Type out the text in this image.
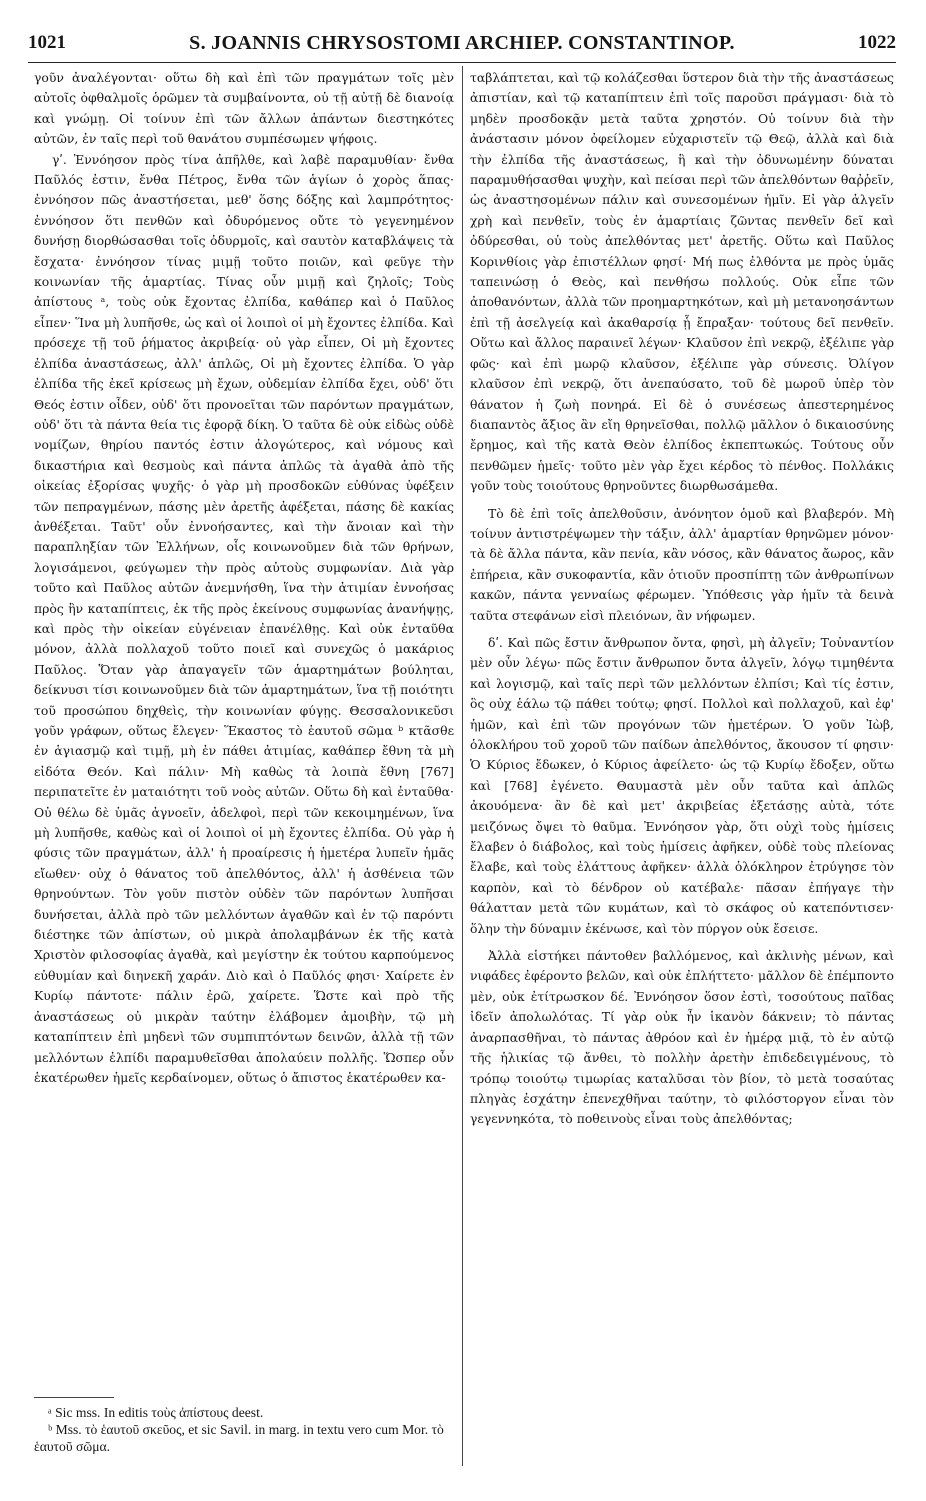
1021	S. JOANNIS CHRYSOSTOMI ARCHIEP. CONSTANTINOP.	1022

γοῦν ἀναλέγονται· οὕτω δὴ καὶ ἐπὶ τῶν πραγμάτων τοῖς μὲν αὐτοῖς ὀφθαλμοῖς ὁρῶμεν τὰ συμβαίνοντα, οὐ τῇ αὐτῇ δὲ διανοίᾳ καὶ γνώμῃ. Οἱ τοίνυν ἐπὶ τῶν ἄλλων ἁπάντων διεστηκότες αὐτῶν, ἐν ταῖς περὶ τοῦ θανάτου συμπέσωμεν ψήφοις.

γʹ. Ἐννόησον πρὸς τίνα ἀπῆλθε, καὶ λαβὲ παραμυθίαν· ἔνθα Παῦλός ἐστιν, ἔνθα Πέτρος, ἔνθα τῶν ἁγίων ὁ χορὸς ἅπας· ἐννόησον πῶς ἀναστήσεται, μεθ' ὅσης δόξης καὶ λαμπρότητος· ἐννόησον ὅτι πενθῶν καὶ ὀδυρόμενος οὔτε τὸ γεγενημένον δυνήσῃ διορθώσασθαι τοῖς ὀδυρμοῖς, καὶ σαυτὸν καταβλάψεις τὰ ἔσχατα· ἐννόησον τίνας μιμῇ τοῦτο ποιῶν, καὶ φεῦγε τὴν κοινωνίαν τῆς ἁμαρτίας. Τίνας οὖν μιμῇ καὶ ζηλοῖς; Τοὺς ἀπίστους ᵃ, τοὺς οὐκ ἔχοντας ἐλπίδα, καθάπερ καὶ ὁ Παῦλος εἶπεν· Ἵνα μὴ λυπῆσθε, ὡς καὶ οἱ λοιποὶ οἱ μὴ ἔχοντες ἐλπίδα. Καὶ πρόσεχε τῇ τοῦ ῥήματος ἀκριβείᾳ· οὐ γὰρ εἶπεν, Οἱ μὴ ἔχοντες ἐλπίδα ἀναστάσεως, ἀλλ' ἁπλῶς, Οἱ μὴ ἔχοντες ἐλπίδα. Ὁ γὰρ ἐλπίδα τῆς ἐκεῖ κρίσεως μὴ ἔχων, οὐδεμίαν ἐλπίδα ἔχει, οὐδ' ὅτι Θεός ἐστιν οἶδεν, οὐδ' ὅτι προνοεῖται τῶν παρόντων πραγμάτων, οὐδ' ὅτι τὰ πάντα θεία τις ἐφορᾷ δίκη. Ὁ ταῦτα δὲ οὐκ εἰδὼς οὐδὲ νομίζων, θηρίου παντός ἐστιν ἀλογώτερος, καὶ νόμους καὶ δικαστήρια καὶ θεσμοὺς καὶ πάντα ἁπλῶς τὰ ἀγαθὰ ἀπὸ τῆς οἰκείας ἐξορίσας ψυχῆς· ὁ γὰρ μὴ προσδοκῶν εὐθύνας ὑφέξειν τῶν πεπραγμένων, πάσης μὲν ἀρετῆς ἀφέξεται, πάσης δὲ κακίας ἀνθέξεται. Ταῦτ' οὖν ἐννοήσαντες, καὶ τὴν ἄνοιαν καὶ τὴν παραπληξίαν τῶν Ἑλλήνων, οἷς κοινωνοῦμεν διὰ τῶν θρήνων, λογισάμενοι, φεύγωμεν τὴν πρὸς αὐτοὺς συμφωνίαν. Διὰ γὰρ τοῦτο καὶ Παῦλος αὐτῶν ἀνεμνήσθη, ἵνα τὴν ἀτιμίαν ἐννοήσας πρὸς ἣν καταπίπτεις, ἐκ τῆς πρὸς ἐκείνους συμφωνίας ἀνανήψῃς, καὶ πρὸς τὴν οἰκείαν εὐγένειαν ἐπανέλθῃς. Καὶ οὐκ ἐνταῦθα μόνον, ἀλλὰ πολλαχοῦ τοῦτο ποιεῖ καὶ συνεχῶς ὁ μακάριος Παῦλος. Ὅταν γὰρ ἀπαγαγεῖν τῶν ἁμαρτημάτων βούληται, δείκνυσι τίσι κοινωνοῦμεν διὰ τῶν ἁμαρτημάτων, ἵνα τῇ ποιότητι τοῦ προσώπου δηχθεὶς, τὴν κοινωνίαν φύγῃς. Θεσσαλονικεῦσι γοῦν γράφων, οὕτως ἔλεγεν· Ἕκαστος τὸ ἑαυτοῦ σῶμα ᵇ κτᾶσθε ἐν ἁγιασμῷ καὶ τιμῇ, μὴ ἐν πάθει ἀτιμίας, καθάπερ ἔθνη τὰ μὴ εἰδότα Θεόν. Καὶ πάλιν· Μὴ καθὼς τὰ λοιπὰ ἔθνη [767] περιπατεῖτε ἐν ματαιότητι τοῦ νοὸς αὐτῶν. Οὕτω δὴ καὶ ἐνταῦθα· Οὐ θέλω δὲ ὑμᾶς ἀγνοεῖν, ἀδελφοὶ, περὶ τῶν κεκοιμημένων, ἵνα μὴ λυπῆσθε, καθὼς καὶ οἱ λοιποὶ οἱ μὴ ἔχοντες ἐλπίδα. Οὐ γὰρ ἡ φύσις τῶν πραγμάτων, ἀλλ' ἡ προαίρεσις ἡ ἡμετέρα λυπεῖν ἡμᾶς εἴωθεν· οὐχ ὁ θάνατος τοῦ ἀπελθόντος, ἀλλ' ἡ ἀσθένεια τῶν θρηνούντων. Τὸν γοῦν πιστὸν οὐδὲν τῶν παρόντων λυπῆσαι δυνήσεται, ἀλλὰ πρὸ τῶν μελλόντων ἀγαθῶν καὶ ἐν τῷ παρόντι διέστηκε τῶν ἀπίστων, οὐ μικρὰ ἀπολαμβάνων ἐκ τῆς κατὰ Χριστὸν φιλοσοφίας ἀγαθὰ, καὶ μεγίστην ἐκ τούτου καρπούμενος εὐθυμίαν καὶ διηνεκῆ χαράν. Διὸ καὶ ὁ Παῦλός φησι· Χαίρετε ἐν Κυρίῳ πάντοτε· πάλιν ἐρῶ, χαίρετε. Ὥστε καὶ πρὸ τῆς ἀναστάσεως οὐ μικρὰν ταύτην ἐλάβομεν ἀμοιβὴν, τῷ μὴ καταπίπτειν ἐπὶ μηδενὶ τῶν συμπιπτόντων δεινῶν, ἀλλὰ τῇ τῶν μελλόντων ἐλπίδι παραμυθεῖσθαι ἀπολαύειν πολλῆς. Ὥσπερ οὖν ἑκατέρωθεν ἡμεῖς κερδαίνομεν, οὕτως ὁ ἄπιστος ἑκατέρωθεν κα-

ταβλάπτεται, καὶ τῷ κολάζεσθαι ὕστερον διὰ τὴν τῆς ἀναστάσεως ἀπιστίαν, καὶ τῷ καταπίπτειν ἐπὶ τοῖς παροῦσι πράγμασι· διὰ τὸ μηδὲν προσδοκᾷν μετὰ ταῦτα χρηστόν. Οὐ τοίνυν διὰ τὴν ἀνάστασιν μόνον ὀφείλομεν εὐχαριστεῖν τῷ Θεῷ, ἀλλὰ καὶ διὰ τὴν ἐλπίδα τῆς ἀναστάσεως, ἣ καὶ τὴν ὀδυνωμένην δύναται παραμυθήσασθαι ψυχὴν, καὶ πείσαι περὶ τῶν ἀπελθόντων θαῤῥεῖν, ὡς ἀναστησομένων πάλιν καὶ συνεσομένων ἡμῖν. Εἰ γὰρ ἀλγεῖν χρὴ καὶ πενθεῖν, τοὺς ἐν ἁμαρτίαις ζῶντας πενθεῖν δεῖ καὶ ὀδύρεσθαι, οὐ τοὺς ἀπελθόντας μετ' ἀρετῆς. Οὕτω καὶ Παῦλος Κορινθίοις γὰρ ἐπιστέλλων φησί· Μή πως ἐλθόντα με πρὸς ὑμᾶς ταπεινώσῃ ὁ Θεὸς, καὶ πενθήσω πολλούς. Οὐκ εἶπε τῶν ἀποθανόντων, ἀλλὰ τῶν προημαρτηκότων, καὶ μὴ μετανοησάντων ἐπὶ τῇ ἀσελγείᾳ καὶ ἀκαθαρσίᾳ ᾗ ἔπραξαν· τούτους δεῖ πενθεῖν. Οὕτω καὶ ἄλλος παραινεῖ λέγων· Κλαῦσον ἐπὶ νεκρῷ, ἐξέλιπε γὰρ φῶς· καὶ ἐπὶ μωρῷ κλαῦσον, ἐξέλιπε γὰρ σύνεσις. Ὀλίγον κλαῦσον ἐπὶ νεκρῷ, ὅτι ἀνεπαύσατο, τοῦ δὲ μωροῦ ὑπὲρ τὸν θάνατον ἡ ζωὴ πονηρά. Εἰ δὲ ὁ συνέσεως ἀπεστερημένος διαπαντὸς ἄξιος ἂν εἴη θρηνεῖσθαι, πολλῷ μᾶλλον ὁ δικαιοσύνης ἔρημος, καὶ τῆς κατὰ Θεὸν ἐλπίδος ἐκπεπτωκώς. Τούτους οὖν πενθῶμεν ἡμεῖς· τοῦτο μὲν γὰρ ἔχει κέρδος τὸ πένθος. Πολλάκις γοῦν τοὺς τοιούτους θρηνοῦντες διωρθωσάμεθα.

Τὸ δὲ ἐπὶ τοῖς ἀπελθοῦσιν, ἀνόνητον ὁμοῦ καὶ βλαβερόν. Μὴ τοίνυν ἀντιστρέψωμεν τὴν τάξιν, ἀλλ' ἁμαρτίαν θρηνῶμεν μόνον· τὰ δὲ ἄλλα πάντα, κἂν πενία, κἂν νόσος, κἂν θάνατος ἄωρος, κἂν ἐπήρεια, κἂν συκοφαντία, κἂν ὁτιοῦν προσπίπτῃ τῶν ἀνθρωπίνων κακῶν, πάντα γενναίως φέρωμεν. Ὑπόθεσις γὰρ ἡμῖν τὰ δεινὰ ταῦτα στεφάνων εἰσὶ πλειόνων, ἂν νήφωμεν.

δʹ. Καὶ πῶς ἔστιν ἄνθρωπον ὄντα, φησὶ, μὴ ἀλγεῖν; Τοὐναντίον μὲν οὖν λέγω· πῶς ἔστιν ἄνθρωπον ὄντα ἀλγεῖν, λόγῳ τιμηθέντα καὶ λογισμῷ, καὶ ταῖς περὶ τῶν μελλόντων ἐλπίσι; Καὶ τίς ἐστιν, ὃς οὐχ ἑάλω τῷ πάθει τούτῳ; φησί. Πολλοὶ καὶ πολλαχοῦ, καὶ ἐφ' ἡμῶν, καὶ ἐπὶ τῶν προγόνων τῶν ἡμετέρων. Ὁ γοῦν Ἰὼβ, ὁλοκλήρου τοῦ χοροῦ τῶν παίδων ἀπελθόντος, ἄκουσον τί φησιν· Ὁ Κύριος ἔδωκεν, ὁ Κύριος ἀφείλετο· ὡς τῷ Κυρίῳ ἔδοξεν, οὕτω καὶ [768] ἐγένετο. Θαυμαστὰ μὲν οὖν ταῦτα καὶ ἁπλῶς ἀκουόμενα· ἂν δὲ καὶ μετ' ἀκριβείας ἐξετάσῃς αὐτὰ, τότε μειζόνως ὄψει τὸ θαῦμα. Ἐννόησον γὰρ, ὅτι οὐχὶ τοὺς ἡμίσεις ἔλαβεν ὁ διάβολος, καὶ τοὺς ἡμίσεις ἀφῆκεν, οὐδὲ τοὺς πλείονας ἔλαβε, καὶ τοὺς ἐλάττους ἀφῆκεν· ἀλλὰ ὁλόκληρον ἐτρύγησε τὸν καρπὸν, καὶ τὸ δένδρον οὐ κατέβαλε· πᾶσαν ἐπήγαγε τὴν θάλατταν μετὰ τῶν κυμάτων, καὶ τὸ σκάφος οὐ κατεπόντισεν· ὅλην τὴν δύναμιν ἐκένωσε, καὶ τὸν πύργον οὐκ ἔσεισε.

Ἀλλὰ εἱστήκει πάντοθεν βαλλόμενος, καὶ ἀκλινὴς μένων, καὶ νιφάδες ἐφέροντο βελῶν, καὶ οὐκ ἐπλήττετο· μᾶλλον δὲ ἐπέμποντο μὲν, οὐκ ἐτίτρωσκον δέ. Ἐννόησον ὅσον ἐστὶ, τοσούτους παῖδας ἰδεῖν ἀπολωλότας. Τί γὰρ οὐκ ἦν ἱκανὸν δάκνειν; τὸ πάντας ἀναρπασθῆναι, τὸ πάντας ἀθρόον καὶ ἐν ἡμέρᾳ μιᾷ, τὸ ἐν αὐτῷ τῆς ἡλικίας τῷ ἄνθει, τὸ πολλὴν ἀρετὴν ἐπιδεδειγμένους, τὸ τρόπῳ τοιούτῳ τιμωρίας καταλῦσαι τὸν βίον, τὸ μετὰ τοσαύτας πληγὰς ἐσχάτην ἐπενεχθῆναι ταύτην, τὸ φιλόστοργον εἶναι τὸν γεγεννηκότα, τὸ ποθεινοὺς εἶναι τοὺς ἀπελθόντας;

ᵃ Sic mss. In editis τοὺς ἀπίστους deest.

ᵇ Mss. τὸ ἑαυτοῦ σκεῦος, et sic Savil. in marg. in textu vero cum Mor. τὸ ἑαυτοῦ σῶμα.
